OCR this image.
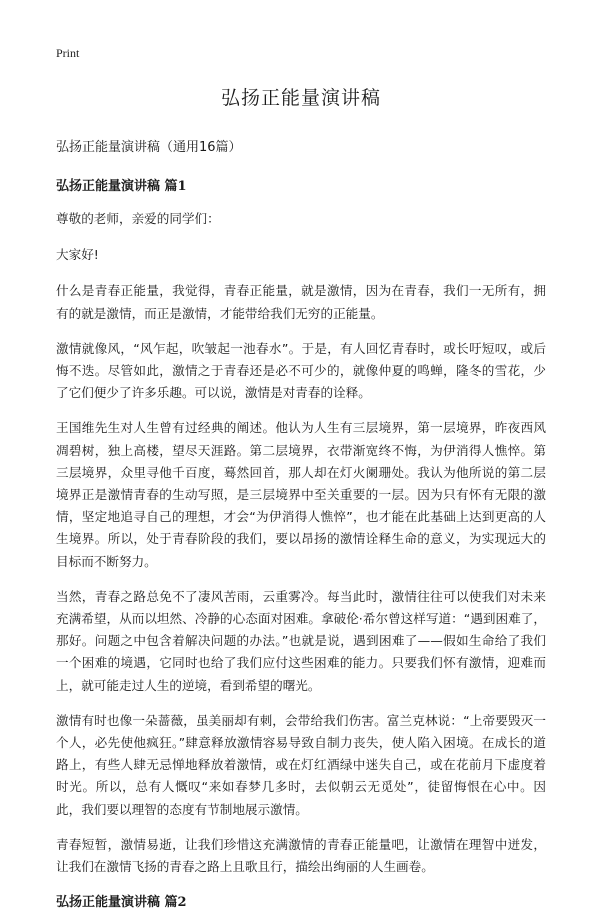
Print
弘扬正能量演讲稿

弘扬正能量演讲稿（通用16篇）

弘扬正能量演讲稿 篇1

尊敬的老师，亲爱的同学们：

大家好!

什么是青春正能量，我觉得，青春正能量，就是激情，因为在青春，我们一无所有，拥有的就是激情，而正是激情，才能带给我们无穷的正能量。

激情就像风，“风乍起，吹皱起一池春水”。于是，有人回忆青春时，或长吁短叹，或后悔不迭。尽管如此，激情之于青春还是必不可少的，就像仲夏的鸣蝉，隆冬的雪花，少了它们便少了许多乐趣。可以说，激情是对青春的诠释。

王国维先生对人生曾有过经典的阐述。他认为人生有三层境界，第一层境界，昨夜西风凋碧树，独上高楼，望尽天涯路。第二层境界，衣带渐宽终不悔，为伊消得人憔悴。第三层境界，众里寻他千百度，蓦然回首，那人却在灯火阑珊处。我认为他所说的第二层境界正是激情青春的生动写照，是三层境界中至关重要的一层。因为只有怀有无限的激情，坚定地追寻自己的理想，才会“为伊消得人憔悴”，也才能在此基础上达到更高的人生境界。所以，处于青春阶段的我们，要以昂扬的激情诠释生命的意义，为实现远大的目标而不断努力。

当然，青春之路总免不了凄风苦雨，云重雾冷。每当此时，激情往往可以使我们对未来充满希望，从而以坦然、冷静的心态面对困难。拿破伦·希尔曾这样写道：“遇到困难了，那好。问题之中包含着解决问题的办法。”也就是说，遇到困难了——假如生命给了我们一个困难的境遇，它同时也给了我们应付这些困难的能力。只要我们怀有激情，迎难而上，就可能走过人生的逆境，看到希望的曙光。

激情有时也像一朵蔷薇，虽美丽却有刺，会带给我们伤害。富兰克林说：“上帝要毁灭一个人，必先使他疯狂。”肆意释放激情容易导致自制力丧失，使人陷入困境。在成长的道路上，有些人肆无忌惮地释放着激情，或在灯红酒绿中迷失自己，或在花前月下虚度着时光。所以，总有人慨叹“来如春梦几多时，去似朝云无觅处”，徒留悔恨在心中。因此，我们要以理智的态度有节制地展示激情。

青春短暂，激情易逝，让我们珍惜这充满激情的青春正能量吧，让激情在理智中迸发，让我们在激情飞扬的青春之路上且歌且行，描绘出绚丽的人生画卷。

弘扬正能量演讲稿 篇2
